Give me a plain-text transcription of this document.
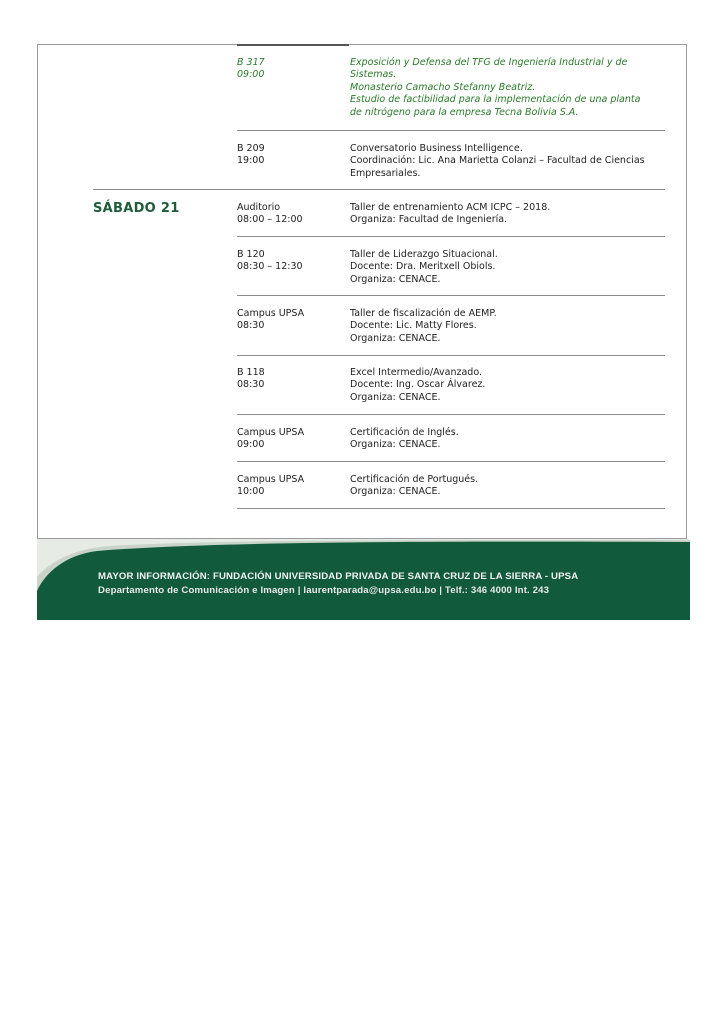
SÁBADO 21
B 317
09:00
Exposición y Defensa del TFG de Ingeniería Industrial y de
Sistemas.
Monasterio Camacho Stefanny Beatriz.
Estudio de factibilidad para la implementación de una planta
de nitrógeno para la empresa Tecna Bolivia S.A.
B 209
19:00
Conversatorio Business Intelligence.
Coordinación: Lic. Ana Marietta Colanzi – Facultad de Ciencias
Empresariales.
Auditorio
08:00 – 12:00
Taller de entrenamiento ACM ICPC – 2018.
Organiza: Facultad de Ingeniería.
B 120
08:30 – 12:30
Taller de Liderazgo Situacional.
Docente: Dra. Meritxell Obiols.
Organiza: CENACE.
Campus UPSA
08:30
Taller de fiscalización de AEMP.
Docente: Lic. Matty Flores.
Organiza: CENACE.
B 118
08:30
Excel Intermedio/Avanzado.
Docente: Ing. Oscar Álvarez.
Organiza: CENACE.
Campus UPSA
09:00
Certificación de Inglés.
Organiza: CENACE.
Campus UPSA
10:00
Certificación de Portugués.
Organiza: CENACE.
MAYOR INFORMACIÓN: FUNDACIÓN UNIVERSIDAD PRIVADA DE SANTA CRUZ DE LA SIERRA - UPSA
Departamento de Comunicación e Imagen | laurentparada@upsa.edu.bo | Telf.: 346 4000 Int. 243
